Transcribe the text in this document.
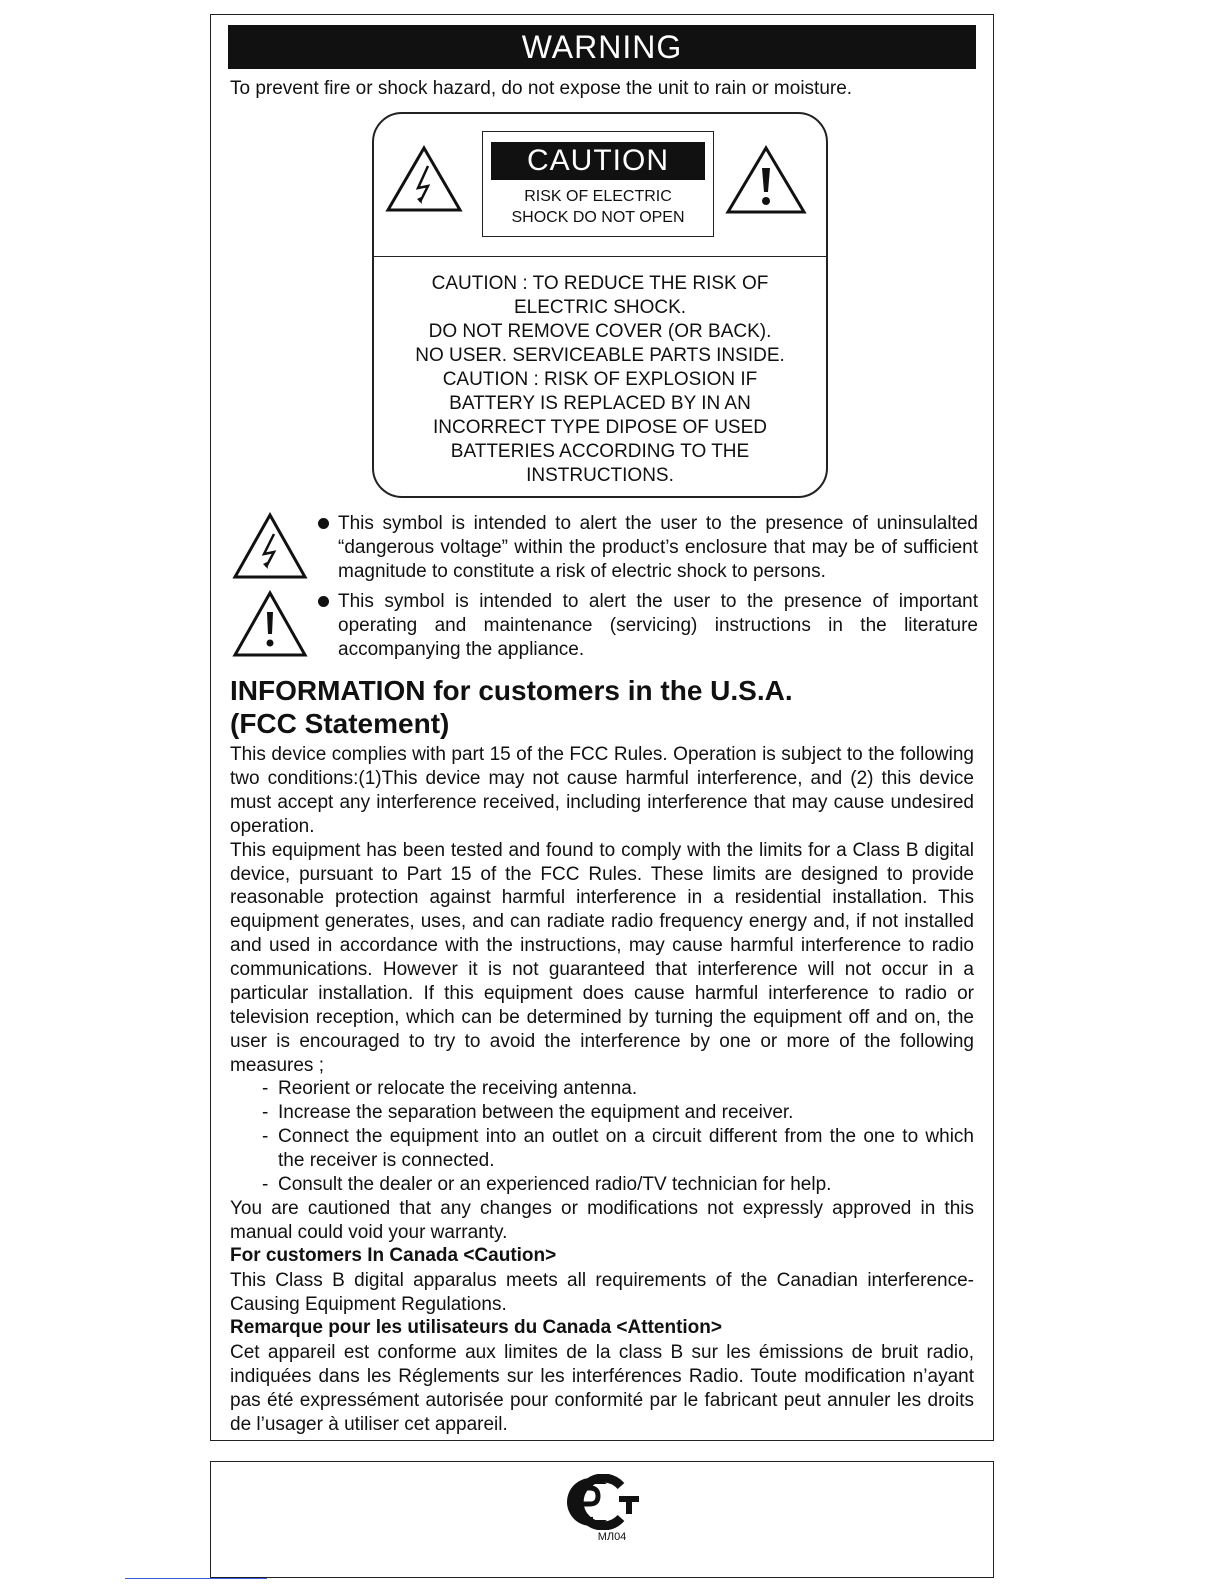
WARNING
To prevent fire or shock hazard, do not expose the unit to rain or moisture.
CAUTION
RISK OF ELECTRIC
SHOCK DO NOT OPEN
CAUTION : TO REDUCE THE RISK OF
ELECTRIC SHOCK.
DO NOT REMOVE COVER (OR BACK).
NO USER. SERVICEABLE PARTS INSIDE.
CAUTION : RISK OF EXPLOSION IF
BATTERY IS REPLACED BY IN AN
INCORRECT TYPE DIPOSE OF USED
BATTERIES ACCORDING TO THE
INSTRUCTIONS.
This symbol is intended to alert the user to the presence of uninsulalted “dangerous voltage” within the product’s enclosure that may be of sufficient magnitude to constitute a risk of electric shock to persons.
This symbol is intended to alert the user to the presence of important operating and maintenance (servicing) instructions in the literature accompanying the appliance.
INFORMATION for customers in the U.S.A.
(FCC Statement)

This device complies with part 15 of the FCC Rules. Operation is subject to the following two conditions:(1)This device may not cause harmful interference, and (2) this device must accept any interference received, including interference that may cause undesired operation.

This equipment has been tested and found to comply with the limits for a Class B digital device, pursuant to Part 15 of the FCC Rules. These limits are designed to provide reasonable protection against harmful interference in a residential installation. This equipment generates, uses, and can radiate radio frequency energy and, if not installed and used in accordance with the instructions, may cause harmful interference to radio communications. However it is not guaranteed that interference will not occur in a particular installation. If this equipment does cause harmful interference to radio or television reception, which can be determined by turning the equipment off and on, the user is encouraged to try to avoid the interference by one or more of the following measures ;

- Reorient or relocate the receiving antenna.
- Increase the separation between the equipment and receiver.
- Connect the equipment into an outlet on a circuit different from the one to which the receiver is connected.
- Consult the dealer or an experienced radio/TV technician for help.
You are cautioned that any changes or modifications not expressly approved in this manual could void your warranty.
For customers In Canada <Caution>
This Class B digital apparalus meets all requirements of the Canadian interference-Causing Equipment Regulations.
Remarque pour les utilisateurs du Canada <Attention>
Cet appareil est conforme aux limites de la class B sur les émissions de bruit radio, indiquées dans les Réglements sur les interférences Radio. Toute modification n’ayant pas été expressément autorisée pour conformité par le fabricant peut annuler les droits de l’usager à utiliser cet appareil.
PCT
МЛ04
